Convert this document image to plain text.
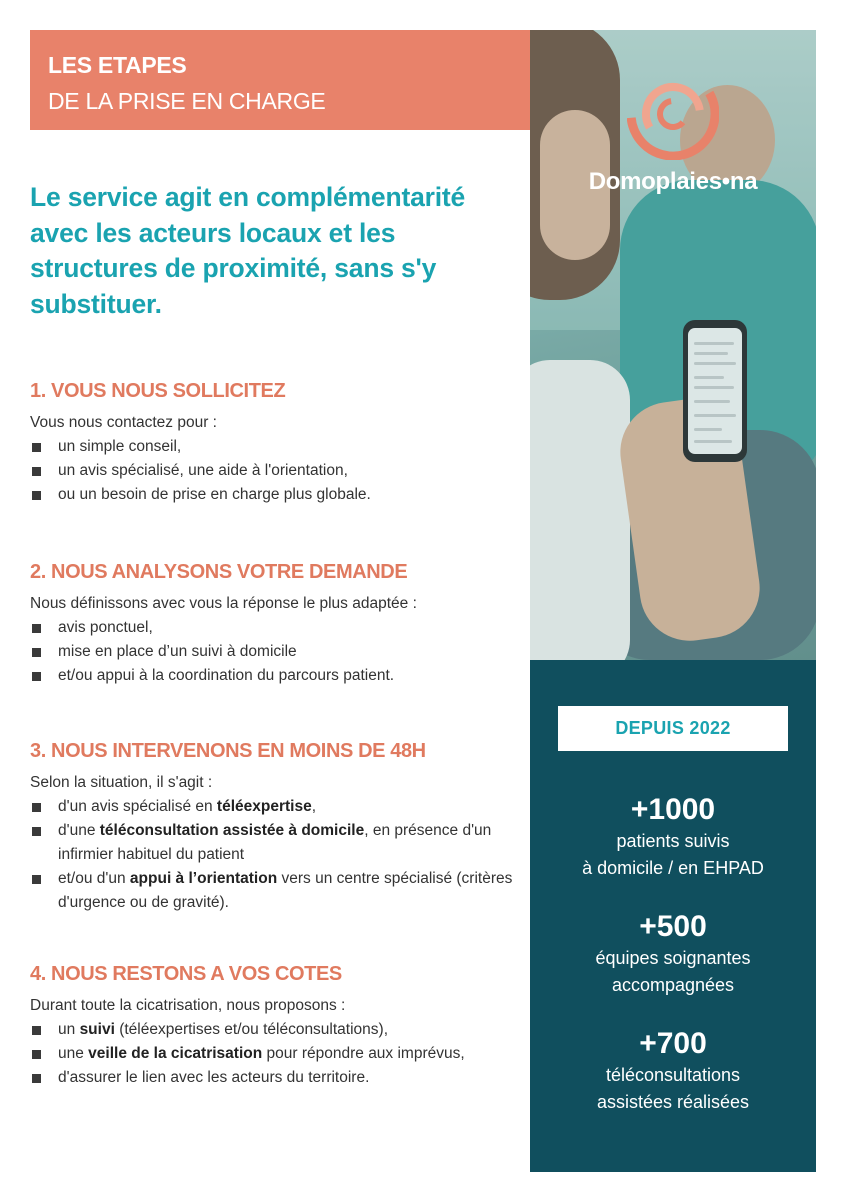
LES ETAPES
DE LA PRISE EN CHARGE
Le service agit en complémentarité avec les acteurs locaux et les structures de proximité, sans s'y substituer.
1. VOUS NOUS SOLLICITEZ

Vous nous contactez pour :

un simple conseil,
un avis spécialisé, une aide à l'orientation,
ou un besoin de prise en charge plus globale.
2. NOUS ANALYSONS VOTRE DEMANDE

Nous définissons avec vous la réponse le plus adaptée :

avis ponctuel,
mise en place d’un suivi à domicile
et/ou appui à la coordination du parcours patient.
3. NOUS INTERVENONS EN MOINS DE 48H

Selon la situation, il s'agit :

d'un avis spécialisé en téléexpertise,
d'une téléconsultation assistée à domicile, en présence d'un infirmier habituel du patient
et/ou d'un appui à l’orientation vers un centre spécialisé (critères d'urgence ou de gravité).
4. NOUS RESTONS A VOS COTES

Durant toute la cicatrisation, nous proposons :

un suivi (téléexpertises et/ou téléconsultations),
une veille de la cicatrisation pour répondre aux imprévus,
d'assurer le lien avec les acteurs du territoire.
Domoplaies•na
DEPUIS 2022
+1000
patients suivis
à domicile / en EHPAD
+500
équipes soignantes
accompagnées
+700
téléconsultations
assistées réalisées
